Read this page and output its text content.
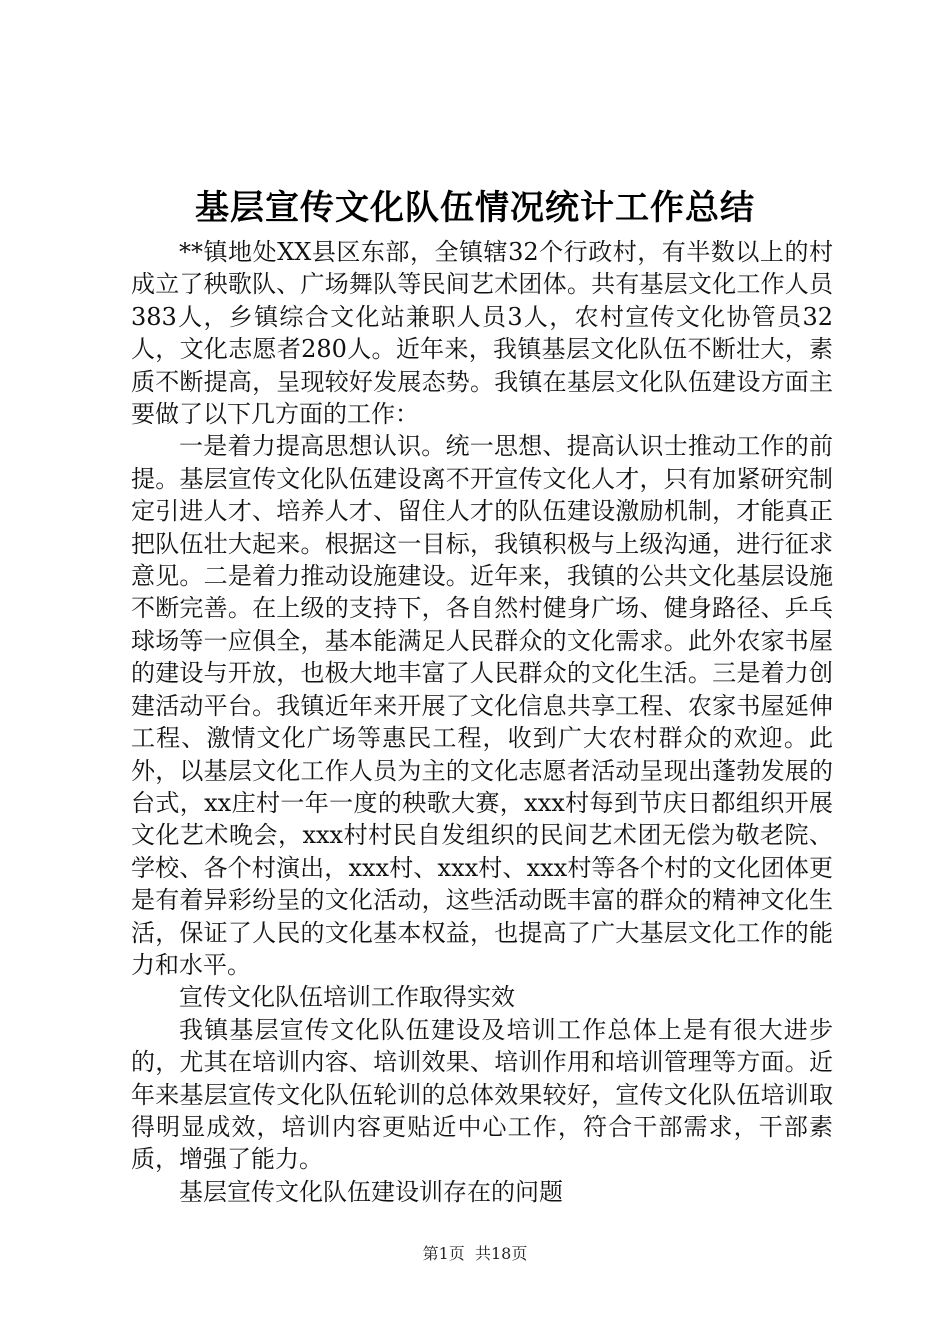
基层宣传文化队伍情况统计工作总结

**镇地处XX县区东部，全镇辖32个行政村，有半数以上的村成立了秧歌队、广场舞队等民间艺术团体。共有基层文化工作人员383人，乡镇综合文化站兼职人员3人，农村宣传文化协管员32人，文化志愿者280人。近年来，我镇基层文化队伍不断壮大，素质不断提高，呈现较好发展态势。我镇在基层文化队伍建设方面主要做了以下几方面的工作：

一是着力提高思想认识。统一思想、提高认识士推动工作的前提。基层宣传文化队伍建设离不开宣传文化人才，只有加紧研究制定引进人才、培养人才、留住人才的队伍建设激励机制，才能真正把队伍壮大起来。根据这一目标，我镇积极与上级沟通，进行征求意见。二是着力推动设施建设。近年来，我镇的公共文化基层设施不断完善。在上级的支持下，各自然村健身广场、健身路径、乒乓球场等一应俱全，基本能满足人民群众的文化需求。此外农家书屋的建设与开放，也极大地丰富了人民群众的文化生活。三是着力创建活动平台。我镇近年来开展了文化信息共享工程、农家书屋延伸工程、激情文化广场等惠民工程，收到广大农村群众的欢迎。此外，以基层文化工作人员为主的文化志愿者活动呈现出蓬勃发展的台式，xx庄村一年一度的秧歌大赛，xxx村每到节庆日都组织开展文化艺术晚会，xxx村村民自发组织的民间艺术团无偿为敬老院、学校、各个村演出，xxx村、xxx村、xxx村等各个村的文化团体更是有着异彩纷呈的文化活动，这些活动既丰富的群众的精神文化生活，保证了人民的文化基本权益，也提高了广大基层文化工作的能力和水平。

宣传文化队伍培训工作取得实效

我镇基层宣传文化队伍建设及培训工作总体上是有很大进步的，尤其在培训内容、培训效果、培训作用和培训管理等方面。近年来基层宣传文化队伍轮训的总体效果较好，宣传文化队伍培训取得明显成效，培训内容更贴近中心工作，符合干部需求，干部素质，增强了能力。

基层宣传文化队伍建设训存在的问题

第1页 共18页
